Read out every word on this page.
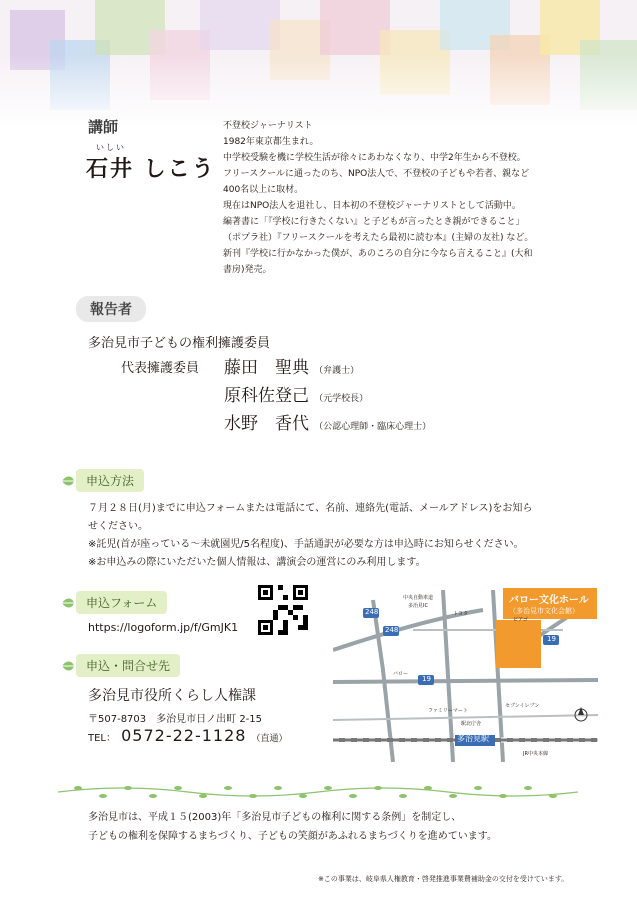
講師
いしい
石井 しこう
不登校ジャーナリスト
1982年東京都生まれ。
中学校受験を機に学校生活が徐々にあわなくなり、中学2年生から不登校。
フリースクールに通ったのち、NPO法人で、不登校の子どもや若者、親など
400名以上に取材。
現在はNPO法人を退社し、日本初の不登校ジャーナリストとして活動中。
編著書に「『学校に行きたくない』と子どもが言ったとき親ができること」
（ポプラ社）『フリースクールを考えたら最初に読む本』(主婦の友社) など。
新刊『学校に行かなかった僕が、あのころの自分に今なら言えること』(大和
書房)発売。
報告者
多治見市子どもの権利擁護委員
代表擁護委員 藤田　聖典 （弁護士）
原科佐登己 （元学校長）
水野　香代 （公認心理師・臨床心理士）
申込方法
７月２８日(月)までに申込フォームまたは電話にて、名前、連絡先(電話、メールアドレス)をお知ら
せください。
※託児(首が座っている～未就園児/5名程度)、手話通訳が必要な方は申込時にお知らせください。
※お申込みの際にいただいた個人情報は、講演会の運営にのみ利用します。
申込フォーム
https://logoform.jp/f/GmJK1
申込・問合せ先
多治見市役所くらし人権課
〒507-8703　多治見市日ノ出町 2-15
TEL： 0572-22-1128 （直通）
バロー文化ホール
（多治見市文化会館）
多治見駅
248
248
19
19
中央自動車道
多治見IC
ファミリーマート
セブンイレブン
バロー
トヨタ
ピアゴ
駅北庁舎
JR中央本線
多治見市は、平成１５(2003)年「多治見市子どもの権利に関する条例」を制定し、
子どもの権利を保障するまちづくり、子どもの笑顔があふれるまちづくりを進めています。
※この事業は、岐阜県人権教育・啓発推進事業費補助金の交付を受けています。
